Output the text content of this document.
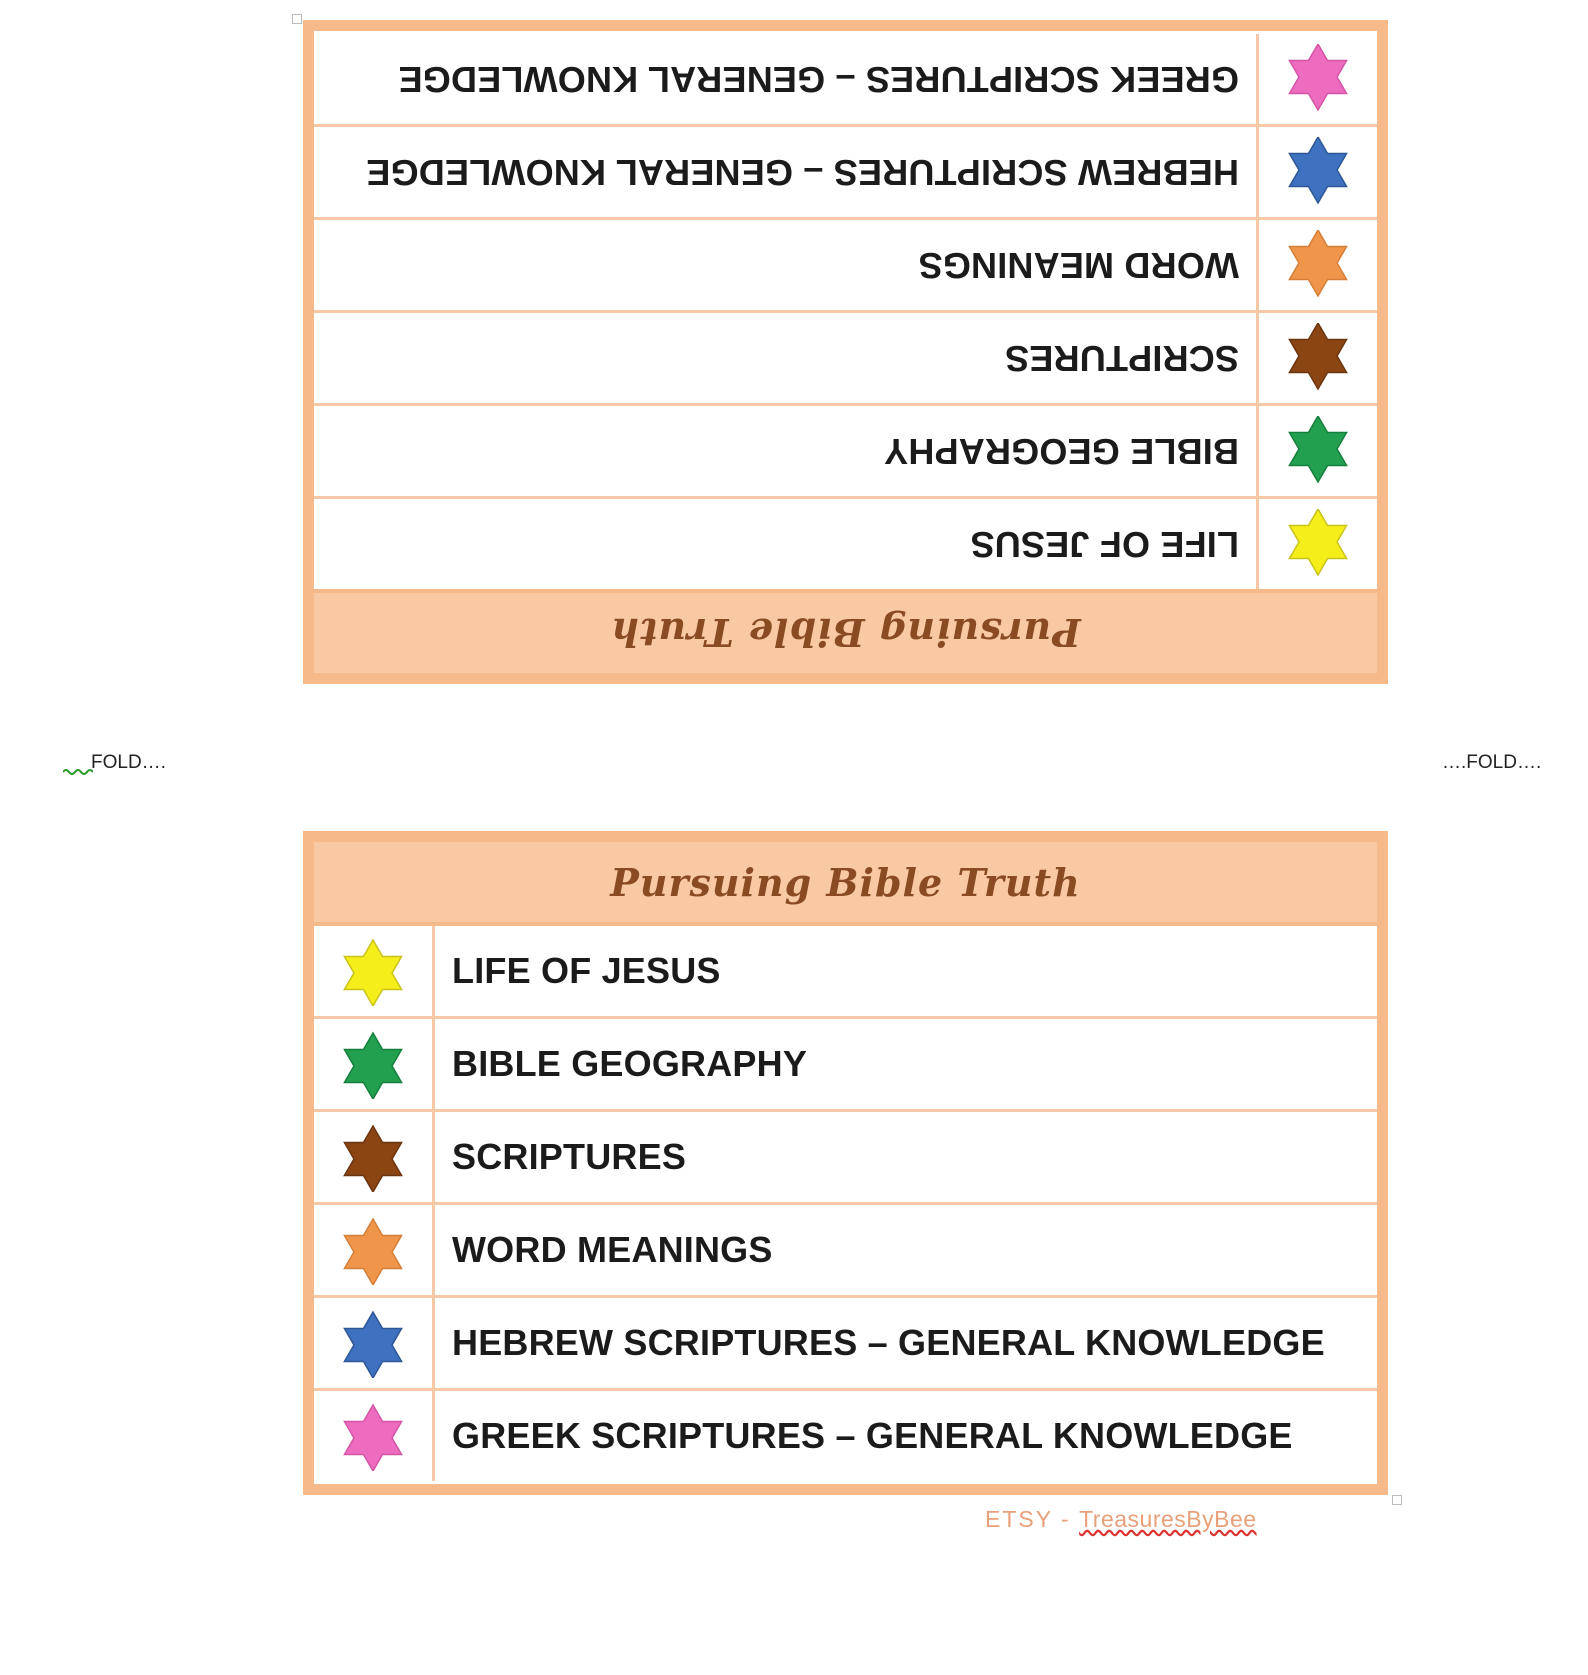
Pursuing Bible Truth
	LIFE OF JESUS

	BIBLE GEOGRAPHY

	SCRIPTURES

	WORD MEANINGS

	HEBREW SCRIPTURES – GENERAL KNOWLEDGE

	GREEK SCRIPTURES – GENERAL KNOWLEDGE
Pursuing Bible Truth
	LIFE OF JESUS

	BIBLE GEOGRAPHY

	SCRIPTURES

	WORD MEANINGS

	HEBREW SCRIPTURES – GENERAL KNOWLEDGE

	GREEK SCRIPTURES – GENERAL KNOWLEDGE
FOLD….	….FOLD….
ETSY - TreasuresByBee
